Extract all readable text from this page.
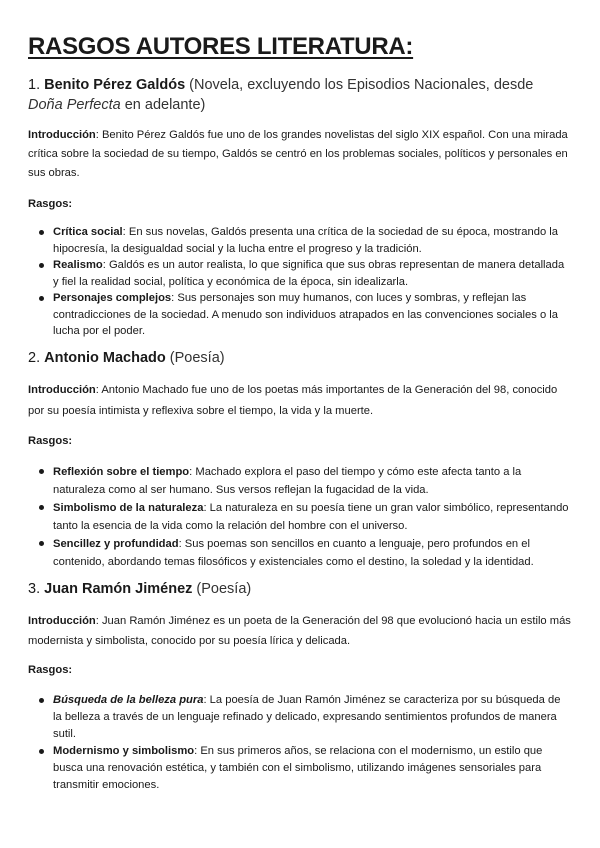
RASGOS AUTORES LITERATURA:
1. Benito Pérez Galdós (Novela, excluyendo los Episodios Nacionales, desde Doña Perfecta en adelante)

Introducción: Benito Pérez Galdós fue uno de los grandes novelistas del siglo XIX español. Con una mirada crítica sobre la sociedad de su tiempo, Galdós se centró en los problemas sociales, políticos y personales en sus obras.

Rasgos:

Crítica social: En sus novelas, Galdós presenta una crítica de la sociedad de su época, mostrando la hipocresía, la desigualdad social y la lucha entre el progreso y la tradición.
Realismo: Galdós es un autor realista, lo que significa que sus obras representan de manera detallada y fiel la realidad social, política y económica de la época, sin idealizarla.
Personajes complejos: Sus personajes son muy humanos, con luces y sombras, y reflejan las contradicciones de la sociedad. A menudo son individuos atrapados en las convenciones sociales o la lucha por el poder.
2. Antonio Machado (Poesía)

Introducción: Antonio Machado fue uno de los poetas más importantes de la Generación del 98, conocido por su poesía intimista y reflexiva sobre el tiempo, la vida y la muerte.

Rasgos:

Reflexión sobre el tiempo: Machado explora el paso del tiempo y cómo este afecta tanto a la naturaleza como al ser humano. Sus versos reflejan la fugacidad de la vida.
Simbolismo de la naturaleza: La naturaleza en su poesía tiene un gran valor simbólico, representando tanto la esencia de la vida como la relación del hombre con el universo.
Sencillez y profundidad: Sus poemas son sencillos en cuanto a lenguaje, pero profundos en el contenido, abordando temas filosóficos y existenciales como el destino, la soledad y la identidad.
3. Juan Ramón Jiménez (Poesía)

Introducción: Juan Ramón Jiménez es un poeta de la Generación del 98 que evolucionó hacia un estilo más modernista y simbolista, conocido por su poesía lírica y delicada.

Rasgos:

Búsqueda de la belleza pura: La poesía de Juan Ramón Jiménez se caracteriza por su búsqueda de la belleza a través de un lenguaje refinado y delicado, expresando sentimientos profundos de manera sutil.
Modernismo y simbolismo: En sus primeros años, se relaciona con el modernismo, un estilo que busca una renovación estética, y también con el simbolismo, utilizando imágenes sensoriales para transmitir emociones.
